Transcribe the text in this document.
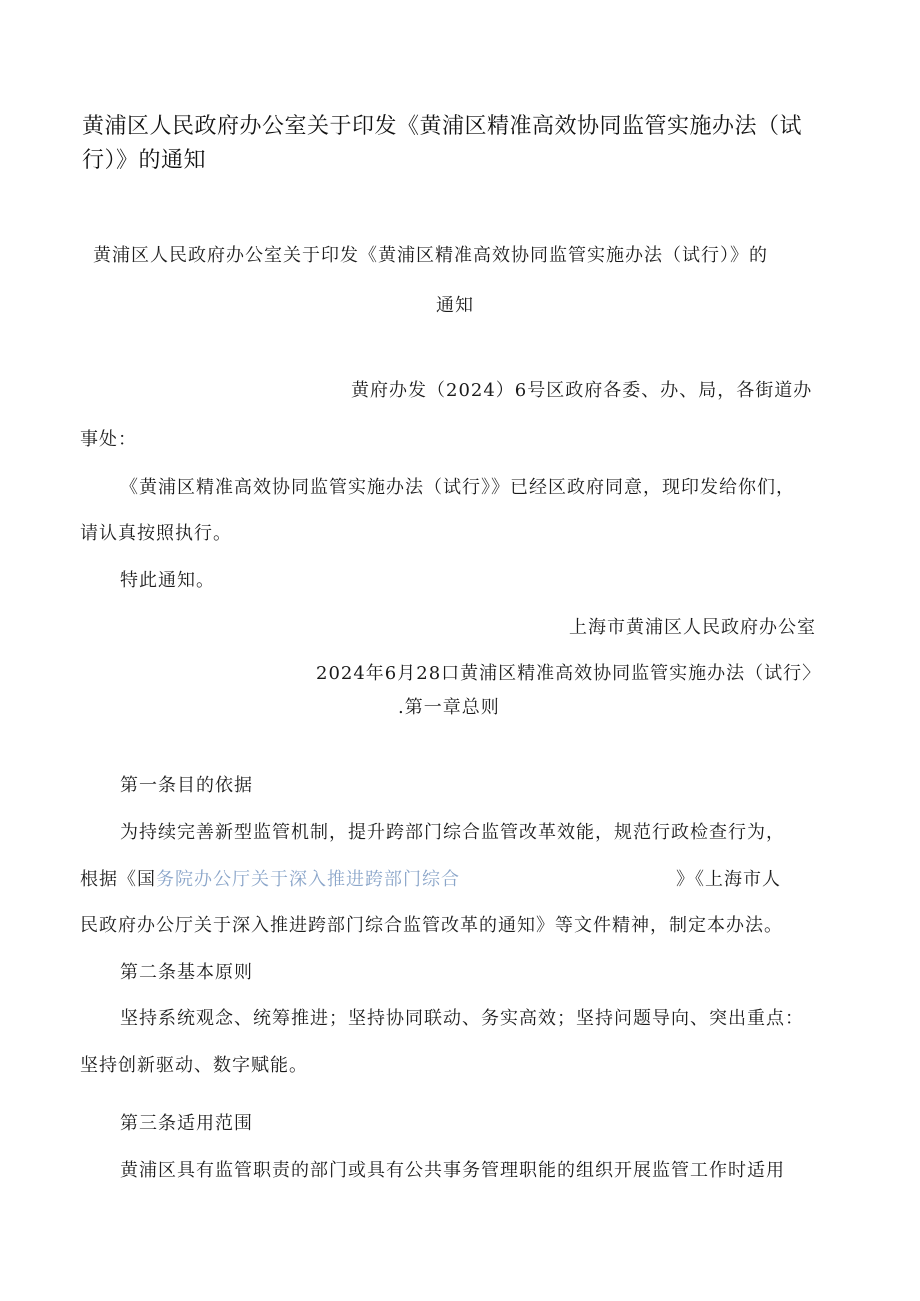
黄浦区人民政府办公室关于印发《黄浦区精准高效协同监管实施办法（试行）》的通知
黄浦区人民政府办公室关于印发《黄浦区精准高效协同监管实施办法（试行）》的
通知
黄府办发（2024）6号区政府各委、办、局，各街道办
事处：
《黄浦区精准高效协同监管实施办法（试行》》已经区政府同意，现印发给你们，
请认真按照执行。
特此通知。
上海市黄浦区人民政府办公室
2024年6月28口黄浦区精准高效协同监管实施办法（试行〉
.第一章总则
第一条目的依据
为持续完善新型监管机制，提升跨部门综合监管改革效能，规范行政检查行为，
根据《国务院办公厅关于深入推进跨部门综合	》《上海市人
民政府办公厅关于深入推进跨部门综合监管改革的通知》等文件精神，制定本办法。
第二条基本原则
坚持系统观念、统筹推进；坚持协同联动、务实高效；坚持问题导向、突出重点：
坚持创新驱动、数字赋能。
第三条适用范围
黄浦区具有监管职责的部门或具有公共事务管理职能的组织开展监管工作时适用
